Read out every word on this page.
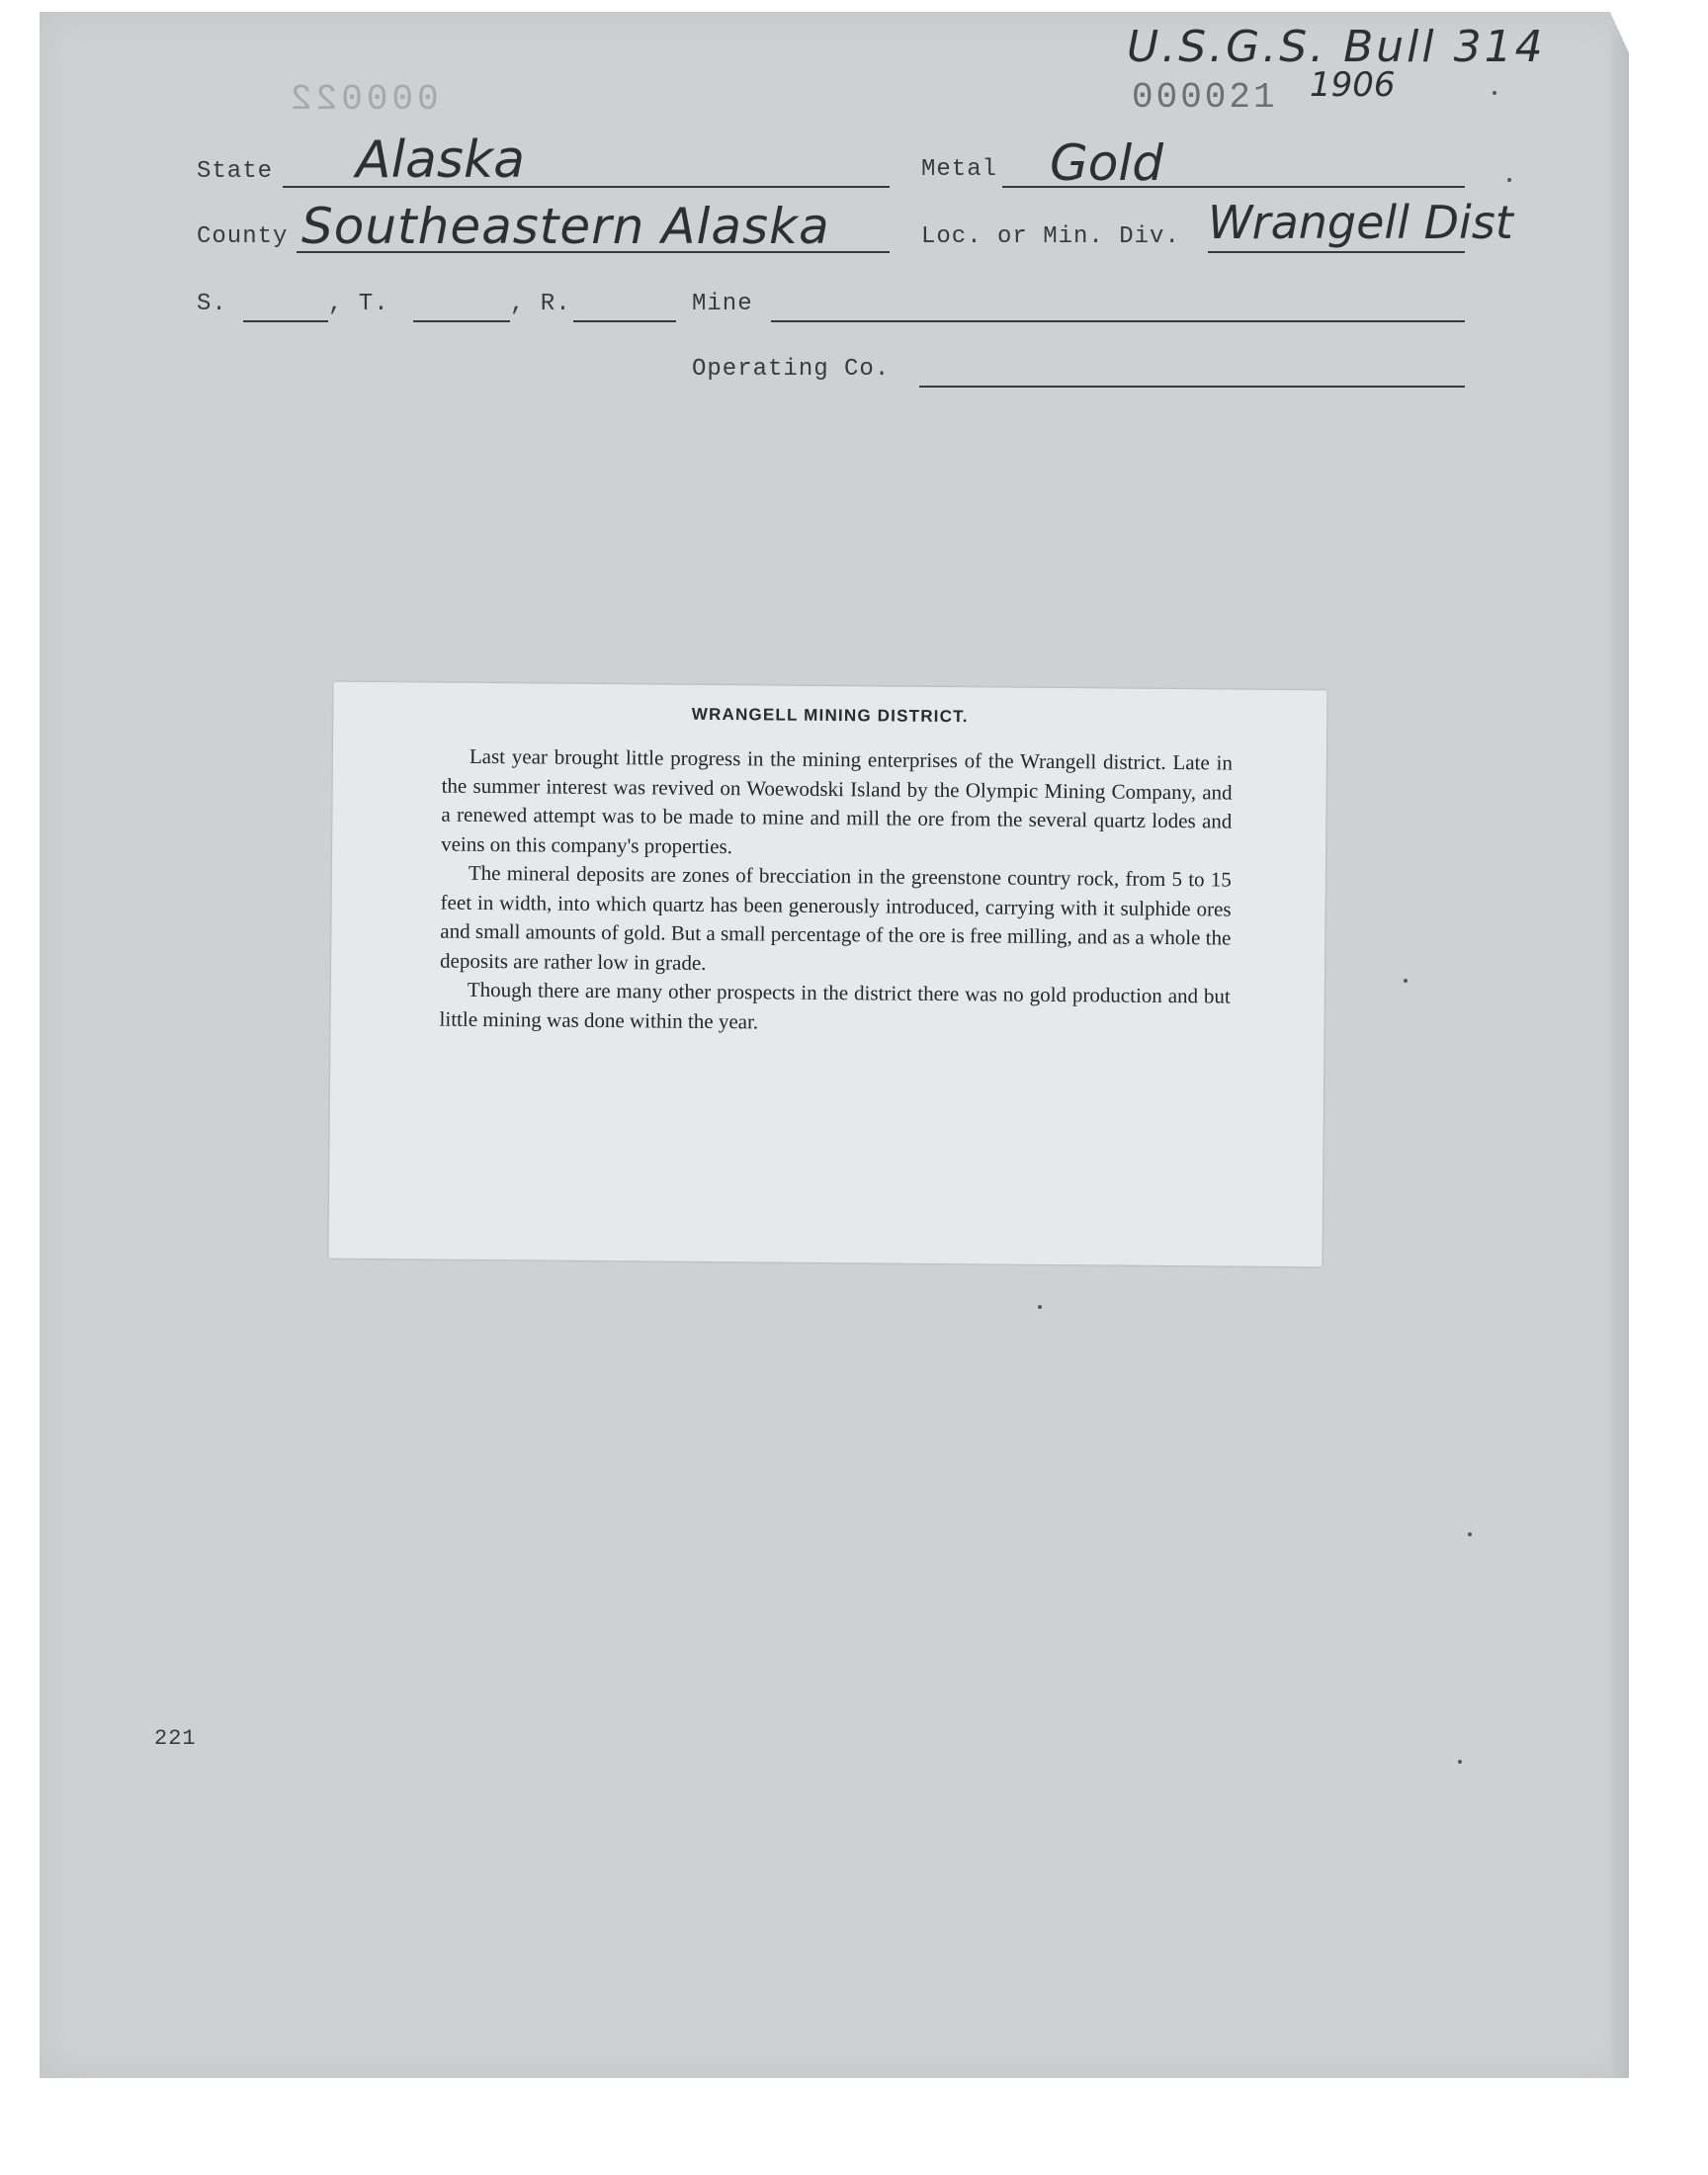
U.S.G.S. Bull 314
1906
000022	000021
State Alaska	Metal Gold
County Southeastern Alaska	Loc. or Min. Div. Wrangell Dist
S.	, T.	, R.	Mine
Operating Co.
WRANGELL MINING DISTRICT.

Last year brought little progress in the mining enterprises of the Wrangell district. Late in the summer interest was revived on Woewodski Island by the Olympic Mining Company, and a renewed attempt was to be made to mine and mill the ore from the several quartz lodes and veins on this company's properties.

The mineral deposits are zones of brecciation in the greenstone country rock, from 5 to 15 feet in width, into which quartz has been generously introduced, carrying with it sulphide ores and small amounts of gold. But a small percentage of the ore is free milling, and as a whole the deposits are rather low in grade.

Though there are many other prospects in the district there was no gold production and but little mining was done within the year.

221
